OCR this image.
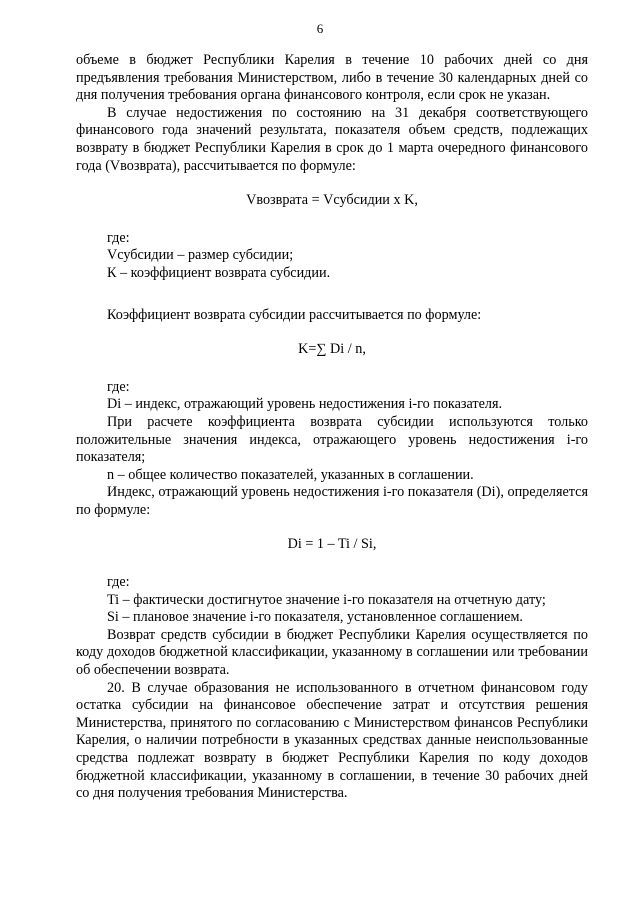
6

объеме в бюджет Республики Карелия в течение 10 рабочих дней со дня предъявления требования Министерством, либо в течение 30 календарных дней со дня получения требования органа финансового контроля, если срок не указан.

В случае недостижения по состоянию на 31 декабря соответствующего финансового года значений результата, показателя объем средств, подлежащих возврату в бюджет Республики Карелия в срок до 1 марта очередного финансового года (Vвозврата), рассчитывается по формуле:

Vвозврата = Vсубсидии x K,

где:

Vсубсидии – размер субсидии;

К – коэффициент возврата субсидии.

Коэффициент возврата субсидии рассчитывается по формуле:

K=∑ Di / n,

где:

Di – индекс, отражающий уровень недостижения i-го показателя.

При расчете коэффициента возврата субсидии используются только положительные значения индекса, отражающего уровень недостижения i-го показателя;

n – общее количество показателей, указанных в соглашении.

Индекс, отражающий уровень недостижения i-го показателя (Di), определяется по формуле:

Di = 1 – Ti / Si,

где:

Ti – фактически достигнутое значение i-го показателя на отчетную дату;

Si – плановое значение i-го показателя, установленное соглашением.

Возврат средств субсидии в бюджет Республики Карелия осуществляется по коду доходов бюджетной классификации, указанному в соглашении или требовании об обеспечении возврата.

20. В случае образования не использованного в отчетном финансовом году остатка субсидии на финансовое обеспечение затрат и отсутствия решения Министерства, принятого по согласованию с Министерством финансов Республики Карелия, о наличии потребности в указанных средствах данные неиспользованные средства подлежат возврату в бюджет Республики Карелия по коду доходов бюджетной классификации, указанному в соглашении, в течение 30 рабочих дней со дня получения требования Министерства.
